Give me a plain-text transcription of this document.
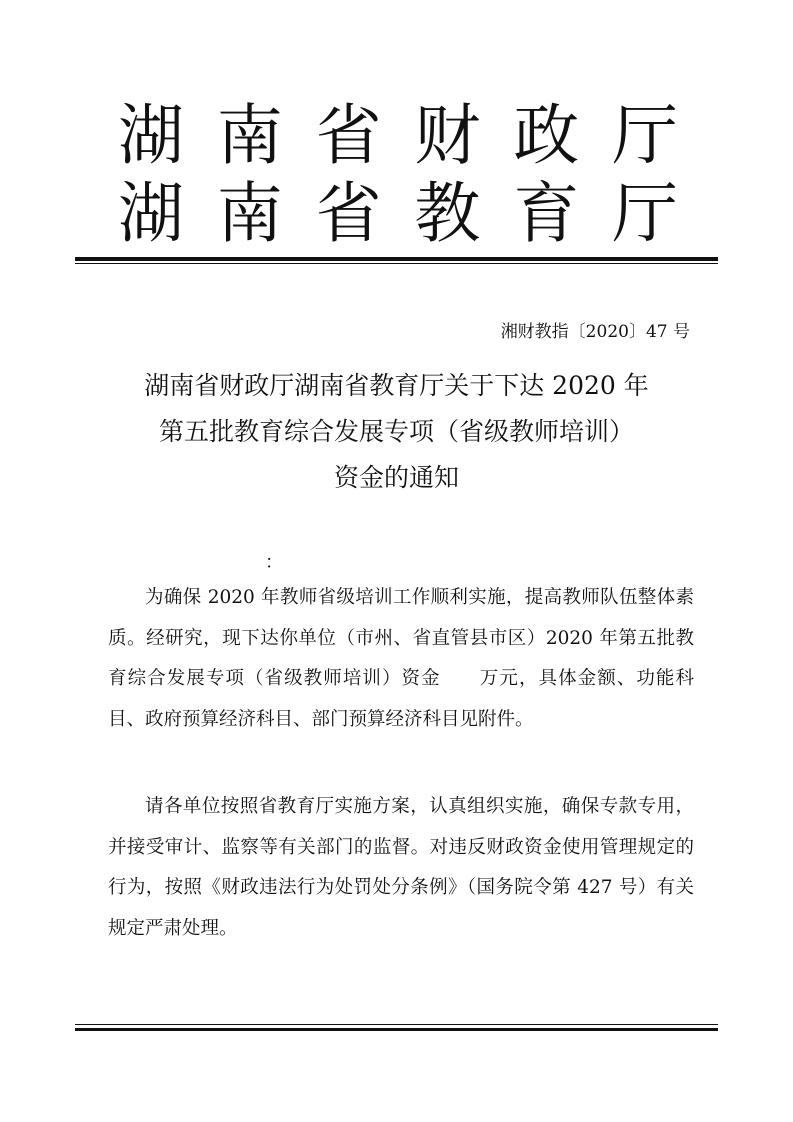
湖 南 省 财 政 厅
湖 南 省 教 育 厅
湘财教指〔2020〕47 号
湖南省财政厅湖南省教育厅关于下达 2020 年
第五批教育综合发展专项（省级教师培训）
资金的通知
：

为确保 2020 年教师省级培训工作顺利实施，提高教师队伍整体素质。经研究，现下达你单位（市州、省直管县市区）2020 年第五批教育综合发展专项（省级教师培训）资金　　万元，具体金额、功能科目、政府预算经济科目、部门预算经济科目见附件。

请各单位按照省教育厅实施方案，认真组织实施，确保专款专用，并接受审计、监察等有关部门的监督。对违反财政资金使用管理规定的行为，按照《财政违法行为处罚处分条例》（国务院令第 427 号）有关规定严肃处理。
